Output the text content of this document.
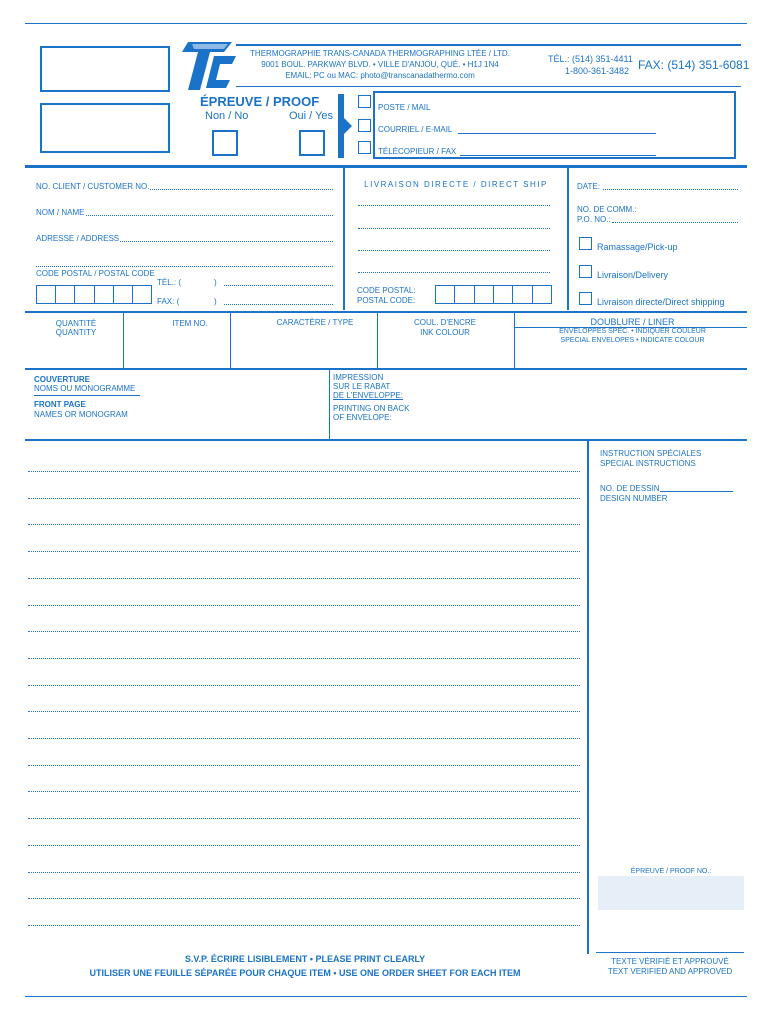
THERMOGRAPHIE TRANS-CANADA THERMOGRAPHING LTÉE / LTD.
9001 BOUL. PARKWAY BLVD. • VILLE D'ANJOU, QUÉ. • H1J 1N4
EMAIL: PC ou MAC: photo@transcanadathermo.com
TÉL.: (514) 351-4411
1-800-361-3482 FAX: (514) 351-6081
ÉPREUVE / PROOF
Non / No	Oui / Yes
POSTE / MAIL
COURRIEL / E-MAIL
TÉLÉCOPIEUR / FAX
NO. CLIENT / CUSTOMER NO.
NOM / NAME
ADRESSE / ADDRESS
CODE POSTAL / POSTAL CODE
TÉL.: (	)
FAX: (	)
LIVRAISON DIRECTE / DIRECT SHIP
CODE POSTAL:
POSTAL CODE:
DATE:
NO. DE COMM.:
P.O. NO.:
Ramassage/Pick-up
Livraison/Delivery
Livraison directe/Direct shipping
QUANTITÉ
QUANTITY
ITEM NO.	CARACTÈRE / TYPE	COUL. D'ENCRE
INK COLOUR
DOUBLURE / LINER
ENVELOPPES SPÉC. • INDIQUER COULEUR
SPECIAL ENVELOPES • INDICATE COLOUR
COUVERTURE
NOMS OU MONOGRAMME
FRONT PAGE
NAMES OR MONOGRAM
IMPRESSION
SUR LE RABAT
DE L'ENVELOPPE:
PRINTING ON BACK
OF ENVELOPE:
INSTRUCTION SPÉCIALES
SPECIAL INSTRUCTIONS
NO. DE DESSIN
DESIGN NUMBER
ÉPREUVE / PROOF NO.:
TEXTE VÉRIFIÉ ET APPROUVÉ
TEXT VERIFIED AND APPROVED
S.V.P. ÉCRIRE LISIBLEMENT • PLEASE PRINT CLEARLY
UTILISER UNE FEUILLE SÉPARÉE POUR CHAQUE ITEM • USE ONE ORDER SHEET FOR EACH ITEM
